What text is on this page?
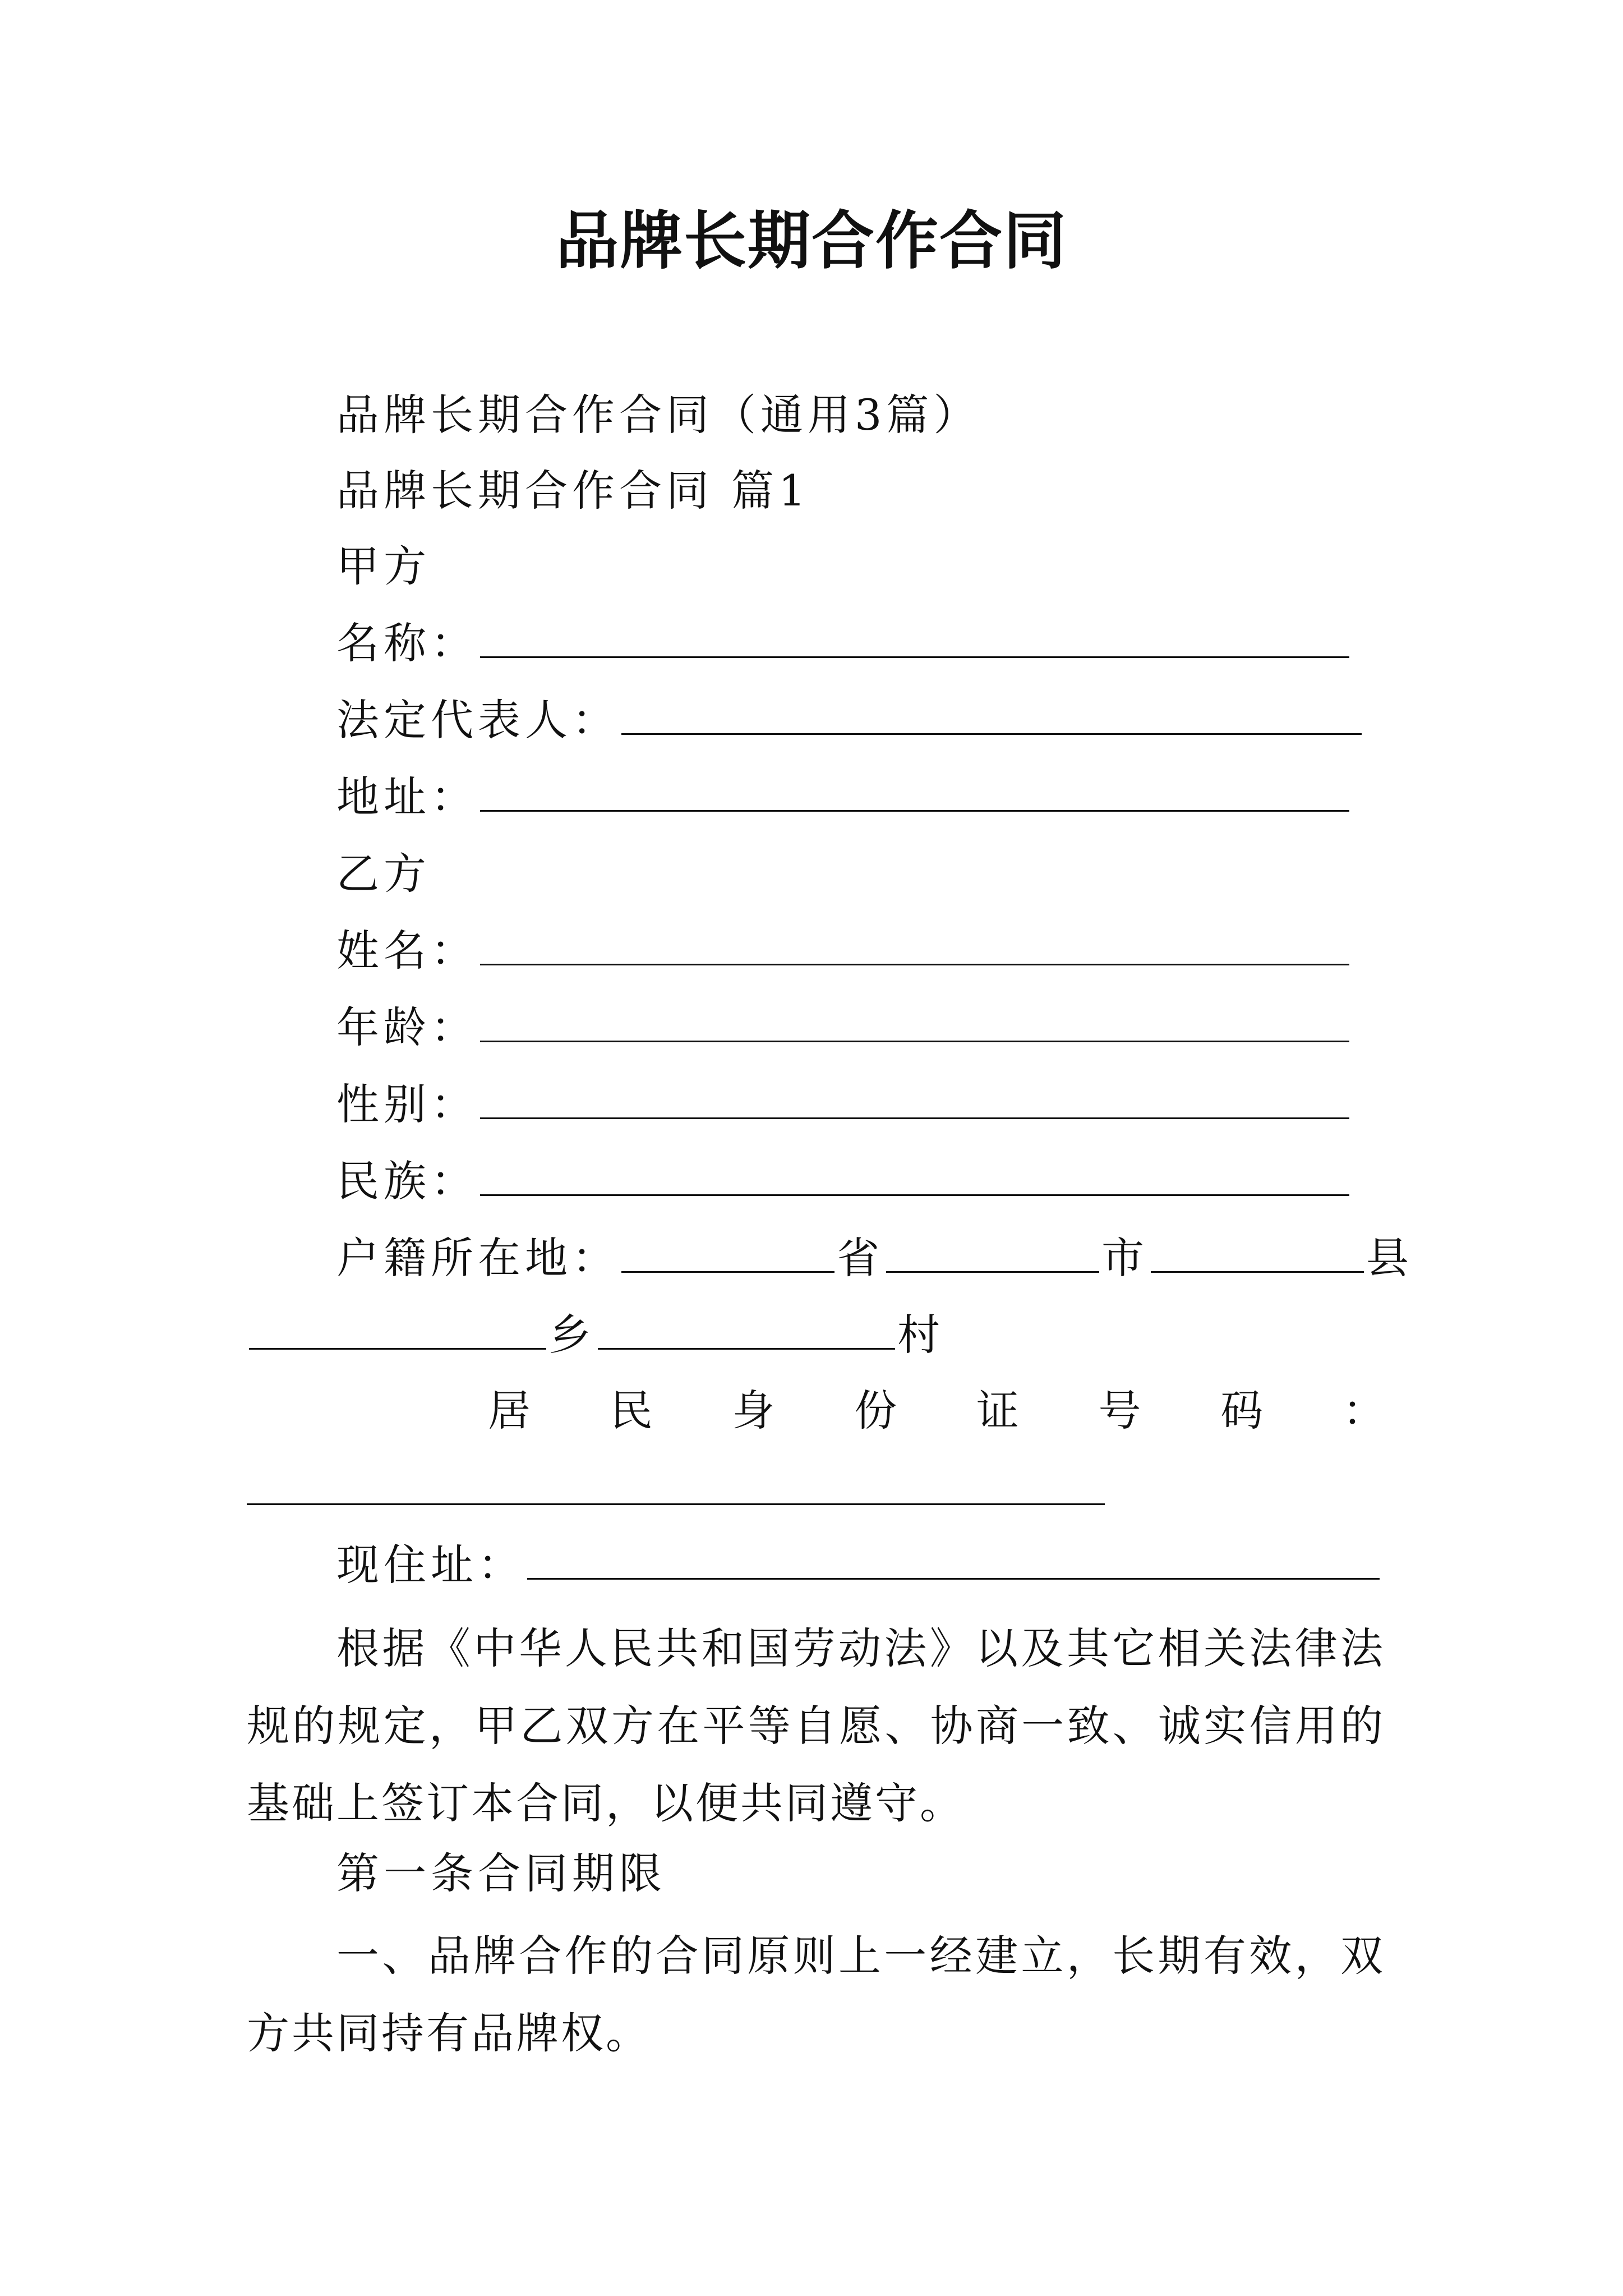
品牌长期合作合同
品牌长期合作合同（通用3篇）
品牌长期合作合同 篇1
甲方
名称：
法定代表人：
地址：
乙方
姓名：
年龄：
性别：
民族：
户籍所在地：	省	市	县
乡	村
居 民 身 份 证 号 码 ：
现住址：
根据《中华人民共和国劳动法》以及其它相关法律法规的规定，甲乙双方在平等自愿、协商一致、诚实信用的基础上签订本合同，以便共同遵守。
第一条合同期限
一、品牌合作的合同原则上一经建立，长期有效，双方共同持有品牌权。
